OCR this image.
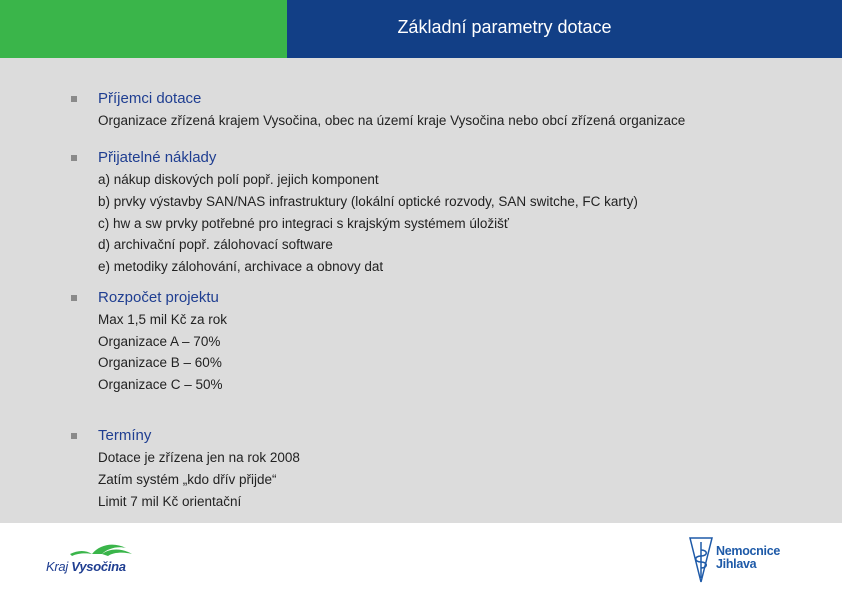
Základní parametry dotace
Příjemci dotace
Organizace zřízená krajem Vysočina, obec na území kraje Vysočina nebo obcí zřízená organizace
Přijatelné náklady
a) nákup diskových polí popř. jejich komponent
b) prvky výstavby SAN/NAS infrastruktury (lokální optické rozvody, SAN switche, FC karty)
c) hw a sw prvky potřebné pro integraci s krajským systémem úložišť
d) archivační popř. zálohovací software
e) metodiky zálohování, archivace a obnovy dat
Rozpočet projektu
Max 1,5 mil Kč za rok
Organizace A – 70%
Organizace B – 60%
Organizace C – 50%
Termíny
Dotace je zřízena jen na rok 2008
Zatím systém „kdo dřív přijde“
Limit 7 mil Kč orientační
Kraj Vysočina
Nemocnice
Jihlava
